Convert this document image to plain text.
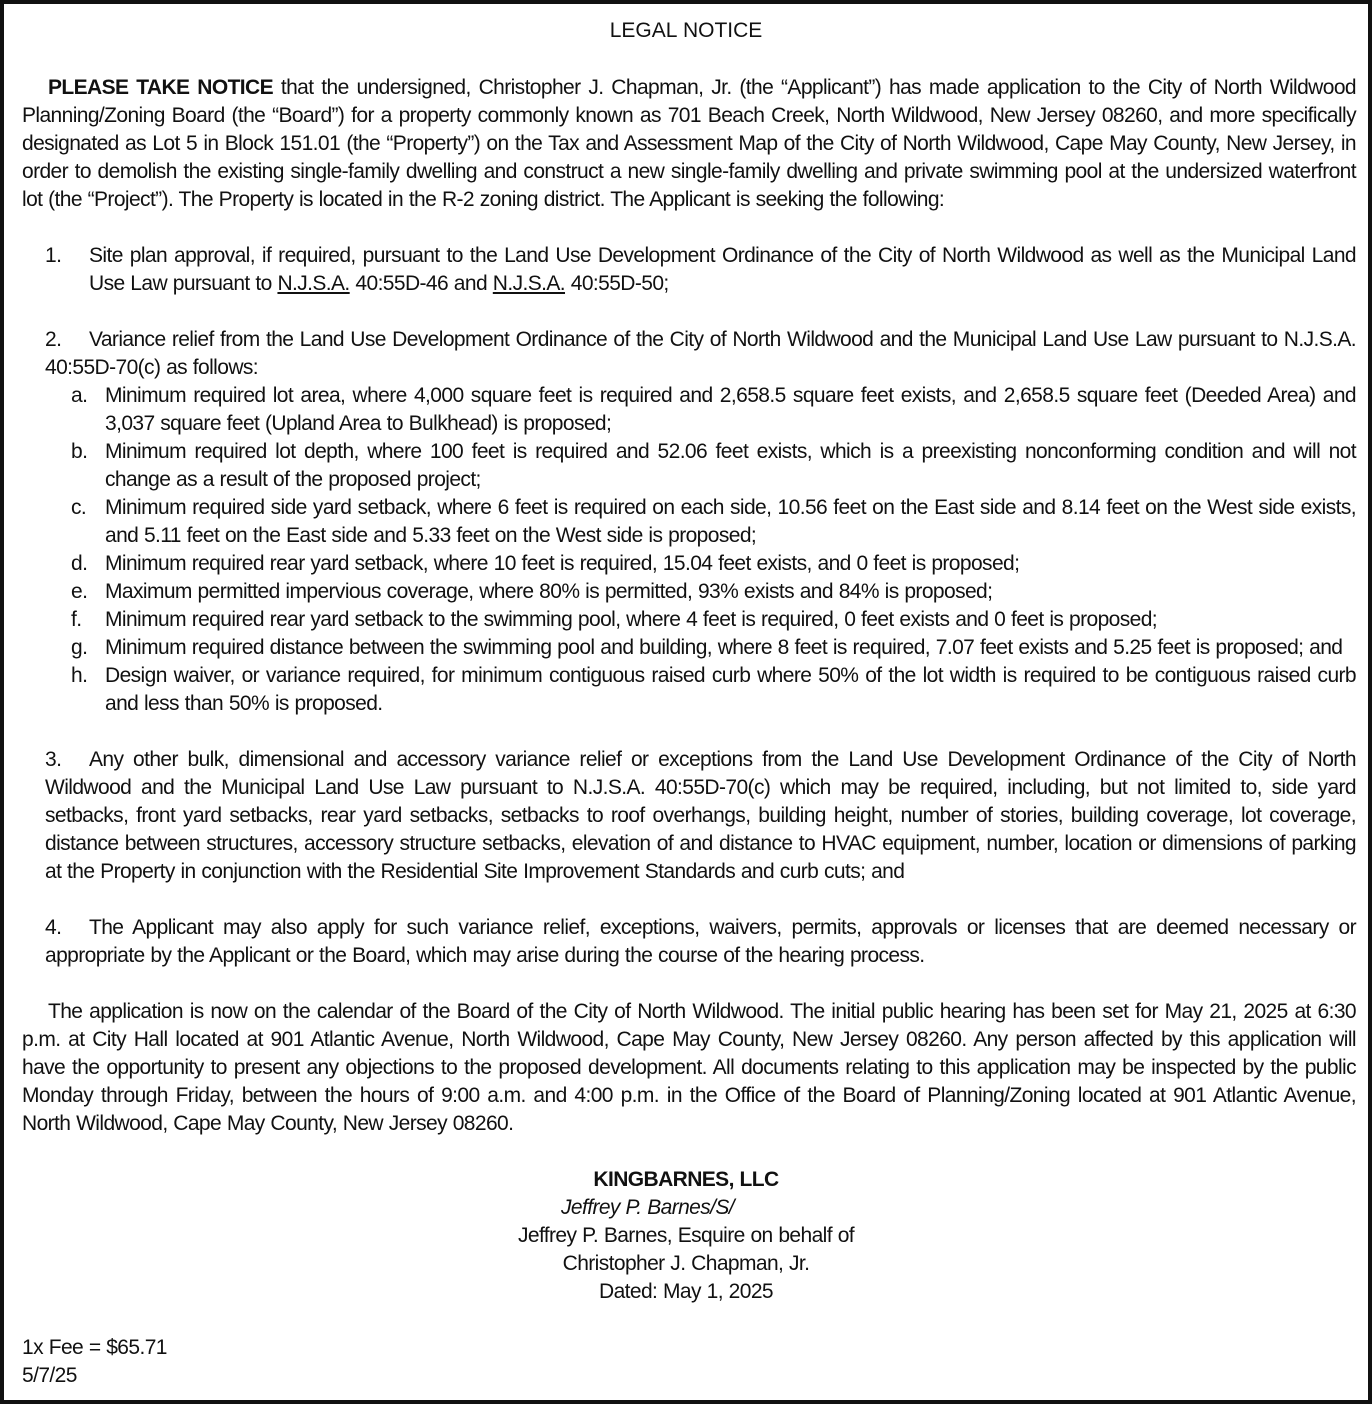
LEGAL NOTICE
PLEASE TAKE NOTICE that the undersigned, Christopher J. Chapman, Jr. (the “Applicant”) has made application to the City of North Wildwood Planning/Zoning Board (the “Board”) for a property commonly known as 701 Beach Creek, North Wildwood, New Jersey 08260, and more specifically designated as Lot 5 in Block 151.01 (the “Property”) on the Tax and Assessment Map of the City of North Wildwood, Cape May County, New Jersey, in order to demolish the existing single-family dwelling and construct a new single-family dwelling and private swimming pool at the undersized waterfront lot (the “Project”). The Property is located in the R-2 zoning district. The Applicant is seeking the following:
1. Site plan approval, if required, pursuant to the Land Use Development Ordinance of the City of North Wildwood as well as the Municipal Land Use Law pursuant to N.J.S.A. 40:55D-46 and N.J.S.A. 40:55D-50;
2. Variance relief from the Land Use Development Ordinance of the City of North Wildwood and the Municipal Land Use Law pursuant to N.J.S.A. 40:55D-70(c) as follows:
a. Minimum required lot area, where 4,000 square feet is required and 2,658.5 square feet exists, and 2,658.5 square feet (Deeded Area) and 3,037 square feet (Upland Area to Bulkhead) is proposed;
b. Minimum required lot depth, where 100 feet is required and 52.06 feet exists, which is a preexisting nonconforming condition and will not change as a result of the proposed project;
c. Minimum required side yard setback, where 6 feet is required on each side, 10.56 feet on the East side and 8.14 feet on the West side exists, and 5.11 feet on the East side and 5.33 feet on the West side is proposed;
d. Minimum required rear yard setback, where 10 feet is required, 15.04 feet exists, and 0 feet is proposed;
e. Maximum permitted impervious coverage, where 80% is permitted, 93% exists and 84% is proposed;
f. Minimum required rear yard setback to the swimming pool, where 4 feet is required, 0 feet exists and 0 feet is proposed;
g. Minimum required distance between the swimming pool and building, where 8 feet is required, 7.07 feet exists and 5.25 feet is proposed; and
h. Design waiver, or variance required, for minimum contiguous raised curb where 50% of the lot width is required to be contiguous raised curb and less than 50% is proposed.
3. Any other bulk, dimensional and accessory variance relief or exceptions from the Land Use Development Ordinance of the City of North Wildwood and the Municipal Land Use Law pursuant to N.J.S.A. 40:55D-70(c) which may be required, including, but not limited to, side yard setbacks, front yard setbacks, rear yard setbacks, setbacks to roof overhangs, building height, number of stories, building coverage, lot coverage, distance between structures, accessory structure setbacks, elevation of and distance to HVAC equipment, number, location or dimensions of parking at the Property in conjunction with the Residential Site Improvement Standards and curb cuts; and
4. The Applicant may also apply for such variance relief, exceptions, waivers, permits, approvals or licenses that are deemed necessary or appropriate by the Applicant or the Board, which may arise during the course of the hearing process.
The application is now on the calendar of the Board of the City of North Wildwood. The initial public hearing has been set for May 21, 2025 at 6:30 p.m. at City Hall located at 901 Atlantic Avenue, North Wildwood, Cape May County, New Jersey 08260. Any person affected by this application will have the opportunity to present any objections to the proposed development. All documents relating to this application may be inspected by the public Monday through Friday, between the hours of 9:00 a.m. and 4:00 p.m. in the Office of the Board of Planning/Zoning located at 901 Atlantic Avenue, North Wildwood, Cape May County, New Jersey 08260.
KINGBARNES, LLC
Jeffrey P. Barnes/S/
Jeffrey P. Barnes, Esquire on behalf of
Christopher J. Chapman, Jr.
Dated: May 1, 2025
1x Fee = $65.71
5/7/25
